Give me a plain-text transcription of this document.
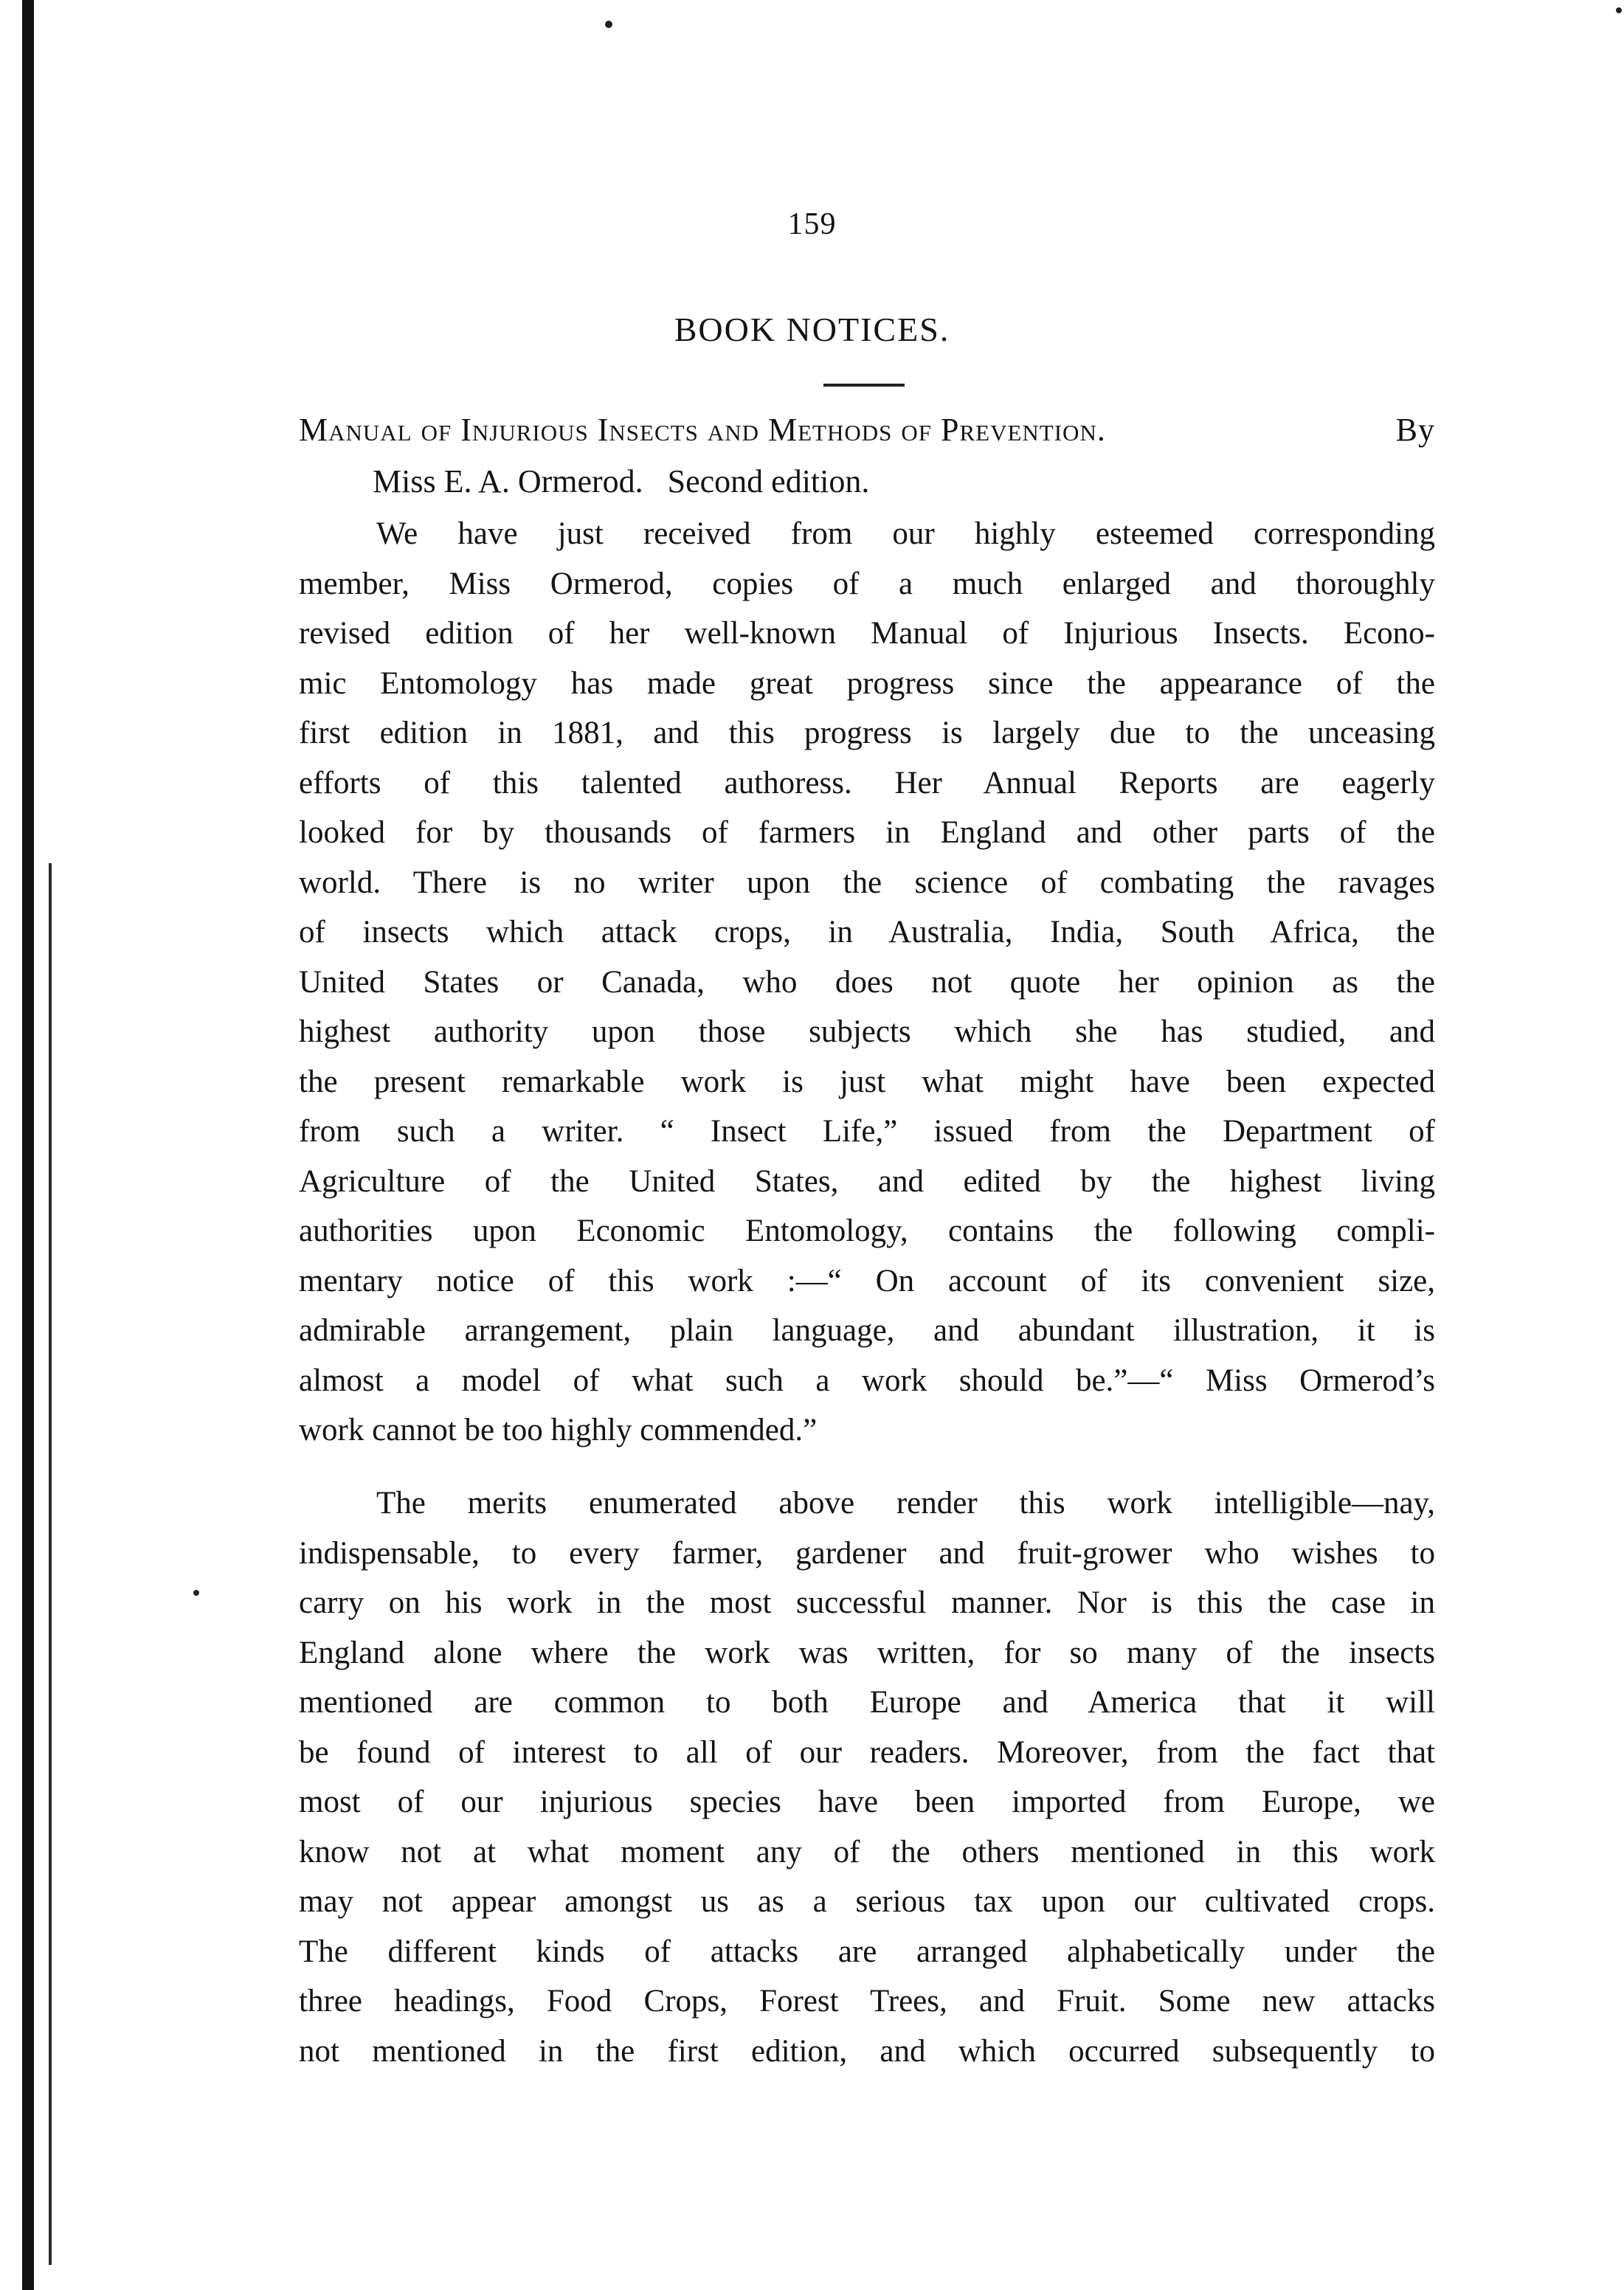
159
BOOK NOTICES.
Manual of Injurious Insects and Methods of Prevention.	By
Miss E. A. Ormerod.   Second edition.
We have just received from our highly esteemed corresponding
member, Miss Ormerod, copies of a much enlarged and thoroughly
revised edition of her well-known Manual of Injurious Insects. Econo-
mic Entomology has made great progress since the appearance of the
first edition in 1881, and this progress is largely due to the unceasing
efforts of this talented authoress. Her Annual Reports are eagerly
looked for by thousands of farmers in England and other parts of the
world. There is no writer upon the science of combating the ravages
of insects which attack crops, in Australia, India, South Africa, the
United States or Canada, who does not quote her opinion as the
highest authority upon those subjects which she has studied, and
the present remarkable work is just what might have been expected
from such a writer. “ Insect Life,” issued from the Department of
Agriculture of the United States, and edited by the highest living
authorities upon Economic Entomology, contains the following compli-
mentary notice of this work :—“ On account of its convenient size,
admirable arrangement, plain language, and abundant illustration, it is
almost a model of what such a work should be.”—“ Miss Ormerod’s
work cannot be too highly commended.”
The merits enumerated above render this work intelligible—nay,
indispensable, to every farmer, gardener and fruit-grower who wishes to
carry on his work in the most successful manner. Nor is this the case in
England alone where the work was written, for so many of the insects
mentioned are common to both Europe and America that it will
be found of interest to all of our readers. Moreover, from the fact that
most of our injurious species have been imported from Europe, we
know not at what moment any of the others mentioned in this work
may not appear amongst us as a serious tax upon our cultivated crops.
The different kinds of attacks are arranged alphabetically under the
three headings, Food Crops, Forest Trees, and Fruit. Some new attacks
not mentioned in the first edition, and which occurred subsequently to
